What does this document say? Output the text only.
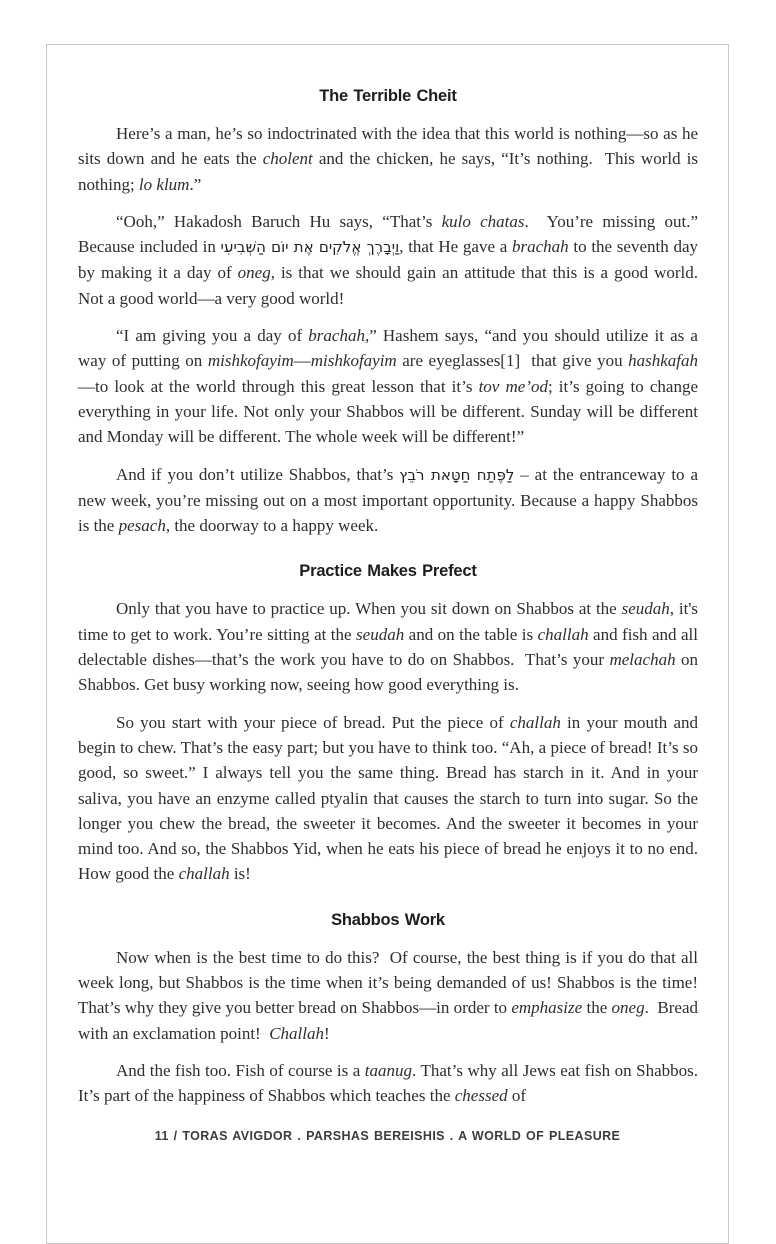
The Terrible Cheit

Here’s a man, he’s so indoctrinated with the idea that this world is nothing—so as he sits down and he eats the cholent and the chicken, he says, “It’s nothing.  This world is nothing; lo klum.”

“Ooh,” Hakadosh Baruch Hu says, “That’s kulo chatas.  You’re missing out.” Because included in וַיְבָרֶךְ אֱלֹקִים אֶת יוֹם הַשְּׁבִיעִי, that He gave a brachah to the seventh day by making it a day of oneg, is that we should gain an attitude that this is a good world.  Not a good world—a very good world!

“I am giving you a day of brachah,” Hashem says, “and you should utilize it as a way of putting on mishkofayim—mishkofayim are eyeglasses[1]  that give you hashkafah—to look at the world through this great lesson that it’s tov me’od; it’s going to change everything in your life. Not only your Shabbos will be different. Sunday will be different and Monday will be different. The whole week will be different!”

And if you don’t utilize Shabbos, that’s לַפֶּתַח חַטָּאת רֹבֵץ – at the entranceway to a new week, you’re missing out on a most important opportunity. Because a happy Shabbos is the pesach, the doorway to a happy week.

Practice Makes Prefect

Only that you have to practice up. When you sit down on Shabbos at the seudah, it's time to get to work. You’re sitting at the seudah and on the table is challah and fish and all delectable dishes—that’s the work you have to do on Shabbos.  That’s your melachah on Shabbos. Get busy working now, seeing how good everything is.

So you start with your piece of bread. Put the piece of challah in your mouth and begin to chew. That’s the easy part; but you have to think too. “Ah, a piece of bread! It’s so good, so sweet.” I always tell you the same thing. Bread has starch in it. And in your saliva, you have an enzyme called ptyalin that causes the starch to turn into sugar. So the longer you chew the bread, the sweeter it becomes. And the sweeter it becomes in your mind too. And so, the Shabbos Yid, when he eats his piece of bread he enjoys it to no end. How good the challah is!

Shabbos Work

Now when is the best time to do this?  Of course, the best thing is if you do that all week long, but Shabbos is the time when it’s being demanded of us! Shabbos is the time!  That’s why they give you better bread on Shabbos—in order to emphasize the oneg.  Bread with an exclamation point!  Challah!

And the fish too. Fish of course is a taanug. That’s why all Jews eat fish on Shabbos. It’s part of the happiness of Shabbos which teaches the chessed of

11 / TORAS AVIGDOR . PARSHAS BEREISHIS . A WORLD OF PLEASURE
